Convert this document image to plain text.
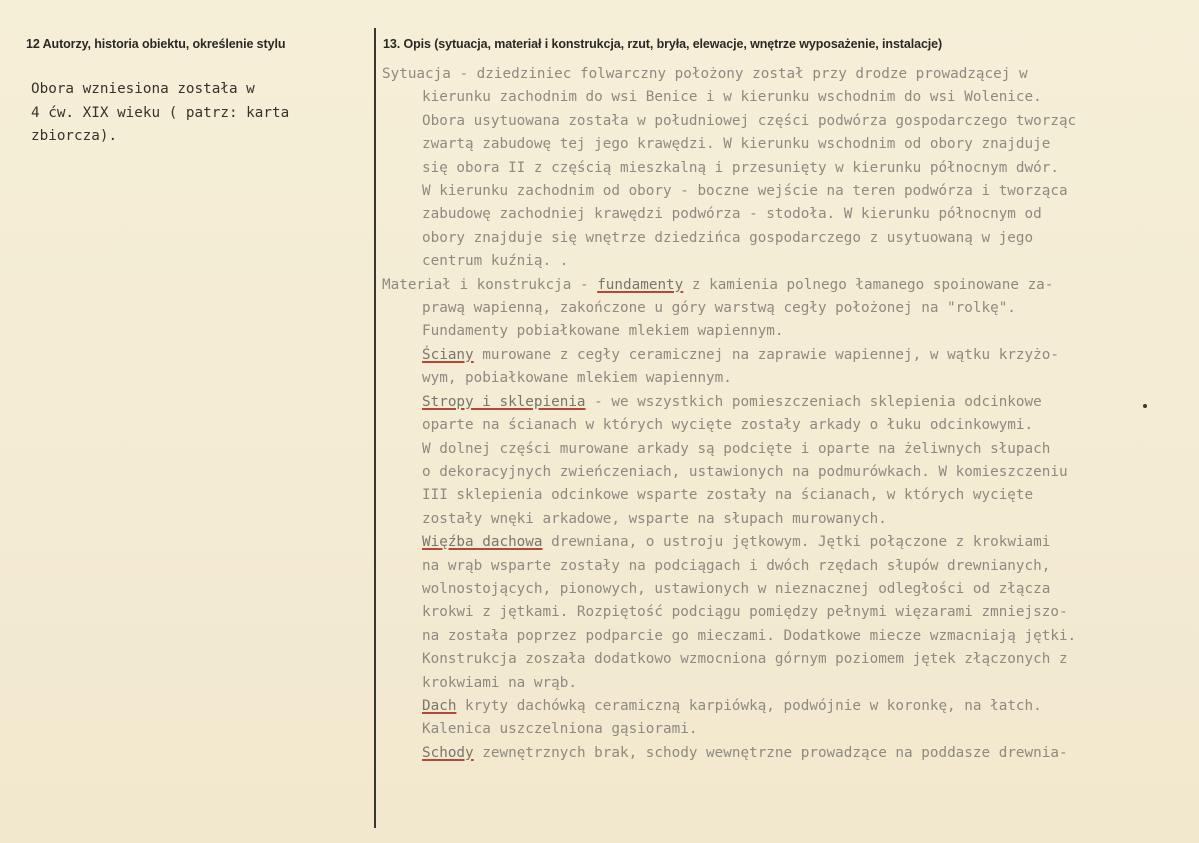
12 Autorzy, historia obiektu, określenie stylu	13. Opis (sytuacja, materiał i konstrukcja, rzut, bryła, elewacje, wnętrze wyposażenie, instalacje)
Obora wzniesiona została w
4 ćw. XIX wieku ( patrz: karta
zbiorcza).
Sytuacja - dziedziniec folwarczny położony został przy drodze prowadzącej w
kierunku zachodnim do wsi Benice i w kierunku wschodnim do wsi Wolenice.
Obora usytuowana została w południowej części podwórza gospodarczego tworząc
zwartą zabudowę tej jego krawędzi. W kierunku wschodnim od obory znajduje
się obora II z częścią mieszkalną i przesunięty w kierunku północnym dwór.
W kierunku zachodnim od obory - boczne wejście na teren podwórza i tworząca
zabudowę zachodniej krawędzi podwórza - stodoła. W kierunku północnym od
obory znajduje się wnętrze dziedzińca gospodarczego z usytuowaną w jego
centrum kuźnią. .
Materiał i konstrukcja - fundamenty z kamienia polnego łamanego spoinowane za-
prawą wapienną, zakończone u góry warstwą cegły położonej na "rolkę".
Fundamenty pobiałkowane mlekiem wapiennym.
Ściany murowane z cegły ceramicznej na zaprawie wapiennej, w wątku krzyżo-
wym, pobiałkowane mlekiem wapiennym.
Stropy i sklepienia - we wszystkich pomieszczeniach sklepienia odcinkowe
oparte na ścianach w których wycięte zostały arkady o łuku odcinkowymi.
W dolnej części murowane arkady są podcięte i oparte na żeliwnych słupach
o dekoracyjnych zwieńczeniach, ustawionych na podmurówkach. W komieszczeniu
III sklepienia odcinkowe wsparte zostały na ścianach, w których wycięte
zostały wnęki arkadowe, wsparte na słupach murowanych.
Więźba dachowa drewniana, o ustroju jętkowym. Jętki połączone z krokwiami
na wrąb wsparte zostały na podciągach i dwóch rzędach słupów drewnianych,
wolnostojących, pionowych, ustawionych w nieznacznej odległości od złącza
krokwi z jętkami. Rozpiętość podciągu pomiędzy pełnymi więzarami zmniejszo-
na została poprzez podparcie go mieczami. Dodatkowe miecze wzmacniają jętki.
Konstrukcja zoszała dodatkowo wzmocniona górnym poziomem jętek złączonych z
krokwiami na wrąb.
Dach kryty dachówką ceramiczną karpiówką, podwójnie w koronkę, na łatch.
Kalenica uszczelniona gąsiorami.
Schody zewnętrznych brak, schody wewnętrzne prowadzące na poddasze drewnia-
